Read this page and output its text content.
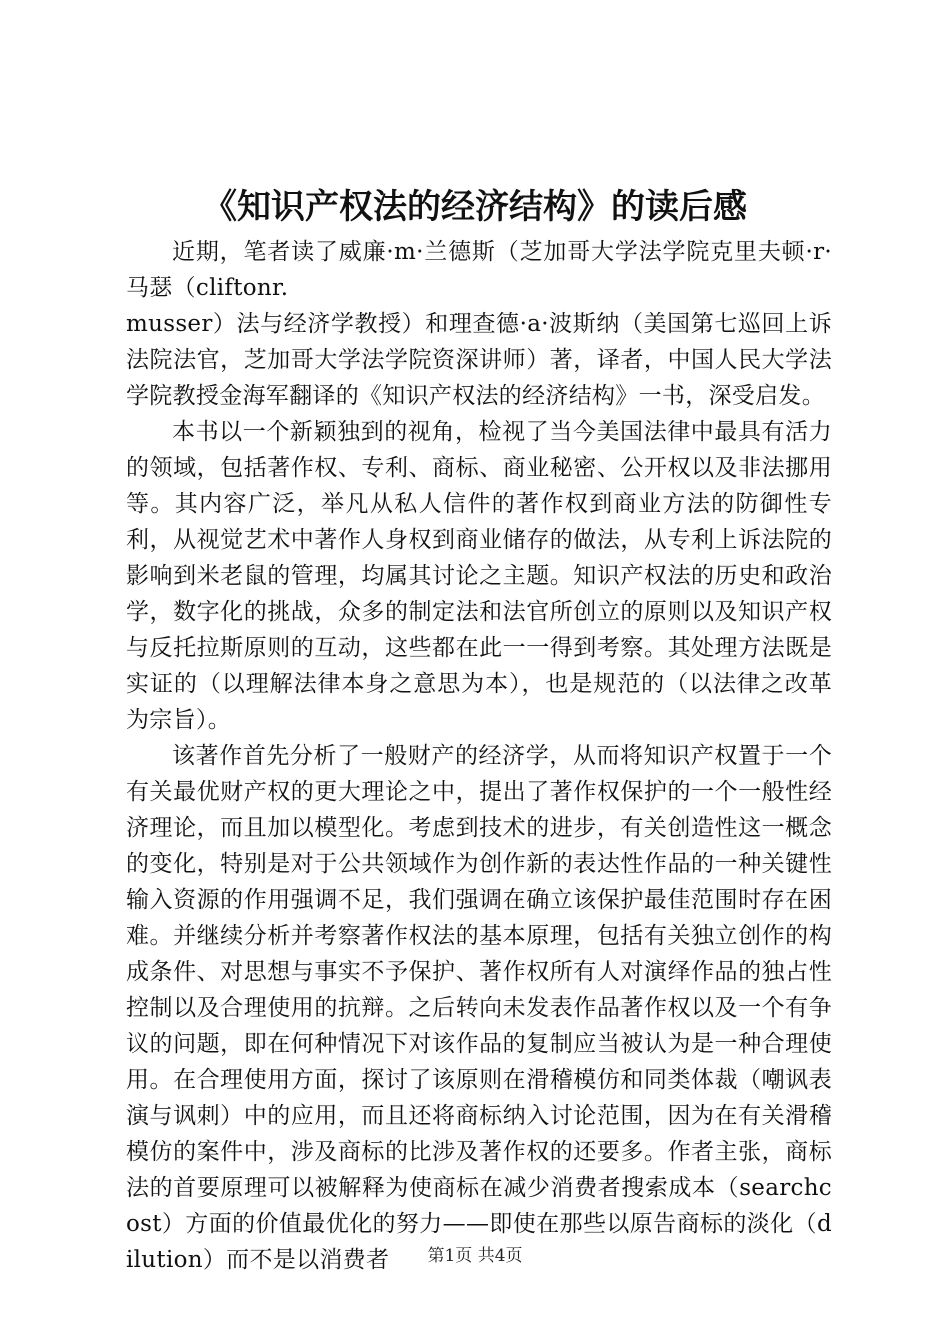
《知识产权法的经济结构》的读后感

近期，笔者读了威廉·m·兰德斯（芝加哥大学法学院克里夫顿·r·马瑟（cliftonr.

musser）法与经济学教授）和理查德·a·波斯纳（美国第七巡回上诉法院法官，芝加哥大学法学院资深讲师）著，译者，中国人民大学法学院教授金海军翻译的《知识产权法的经济结构》一书，深受启发。

本书以一个新颖独到的视角，检视了当今美国法律中最具有活力的领域，包括著作权、专利、商标、商业秘密、公开权以及非法挪用等。其内容广泛，举凡从私人信件的著作权到商业方法的防御性专利，从视觉艺术中著作人身权到商业储存的做法，从专利上诉法院的影响到米老鼠的管理，均属其讨论之主题。知识产权法的历史和政治学，数字化的挑战，众多的制定法和法官所创立的原则以及知识产权与反托拉斯原则的互动，这些都在此一一得到考察。其处理方法既是实证的（以理解法律本身之意思为本），也是规范的（以法律之改革为宗旨）。

该著作首先分析了一般财产的经济学，从而将知识产权置于一个有关最优财产权的更大理论之中，提出了著作权保护的一个一般性经济理论，而且加以模型化。考虑到技术的进步，有关创造性这一概念的变化，特别是对于公共领域作为创作新的表达性作品的一种关键性输入资源的作用强调不足，我们强调在确立该保护最佳范围时存在困难。并继续分析并考察著作权法的基本原理，包括有关独立创作的构成条件、对思想与事实不予保护、著作权所有人对演绎作品的独占性控制以及合理使用的抗辩。之后转向未发表作品著作权以及一个有争议的问题，即在何种情况下对该作品的复制应当被认为是一种合理使用。在合理使用方面，探讨了该原则在滑稽模仿和同类体裁（嘲讽表演与讽刺）中的应用，而且还将商标纳入讨论范围，因为在有关滑稽模仿的案件中，涉及商标的比涉及著作权的还要多。作者主张，商标法的首要原理可以被解释为使商标在减少消费者搜索成本（searchcost）方面的价值最优化的努力——即使在那些以原告商标的淡化（dilution）而不是以消费者	第1页 共4页
